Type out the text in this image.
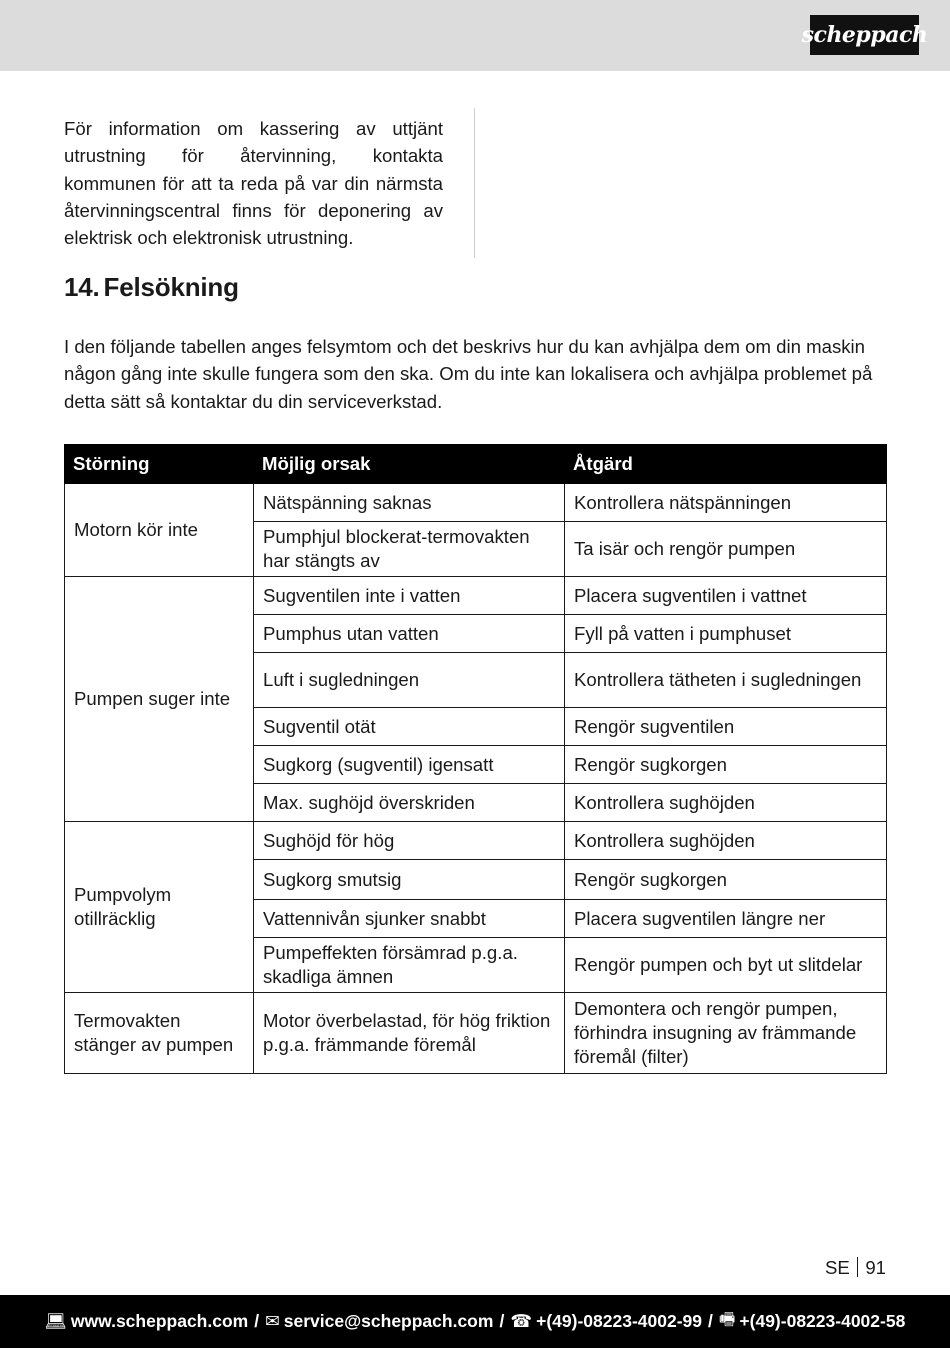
scheppach

För information om kassering av uttjänt utrustning för återvinning, kontakta kommunen för att ta reda på var din närmsta återvinningscentral finns för deponering av elektrisk och elektronisk utrustning.

14. Felsökning

I den följande tabellen anges felsymtom och det beskrivs hur du kan avhjälpa dem om din maskin någon gång inte skulle fungera som den ska. Om du inte kan lokalisera och avhjälpa problemet på detta sätt så kontaktar du din serviceverkstad.

Störning	Möjlig orsak	Åtgärd
Motorn kör inte	Nätspänning saknas	Kontrollera nätspänningen
	Pumphjul blockerat-termovakten har stängts av	Ta isär och rengör pumpen
Pumpen suger inte	Sugventilen inte i vatten	Placera sugventilen i vattnet
	Pumphus utan vatten	Fyll på vatten i pumphuset
	Luft i sugledningen	Kontrollera tätheten i sugledningen
	Sugventil otät	Rengör sugventilen
	Sugkorg (sugventil) igensatt	Rengör sugkorgen
	Max. sughöjd överskriden	Kontrollera sughöjden
Pumpvolym otillräcklig	Sughöjd för hög	Kontrollera sughöjden
	Sugkorg smutsig	Rengör sugkorgen
	Vattennivån sjunker snabbt	Placera sugventilen längre ner
	Pumpeffekten försämrad p.g.a. skadliga ämnen	Rengör pumpen och byt ut slitdelar
Termovakten stänger av pumpen	Motor överbelastad, för hög friktion p.g.a. främmande föremål	Demontera och rengör pumpen, förhindra insugning av främmande föremål (filter)
SE 91
💻︎ www.scheppach.com / ✉︎ service@scheppach.com / ☎︎ +(49)-08223-4002-99 / 🖷︎ +(49)-08223-4002-58
